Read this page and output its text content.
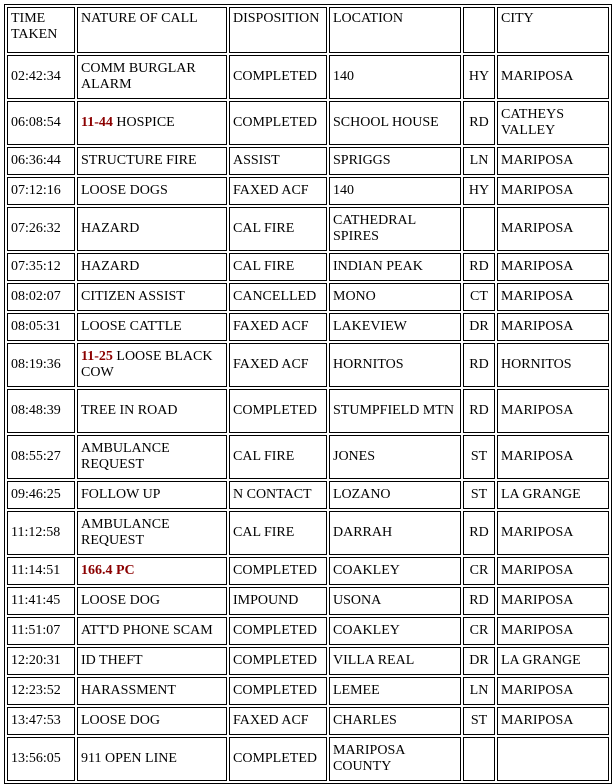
TIME TAKEN	NATURE OF CALL	DISPOSITION	LOCATION		CITY
02:42:34	COMM BURGLAR ALARM	COMPLETED	140	HY	MARIPOSA
06:08:54	11-44 HOSPICE	COMPLETED	SCHOOL HOUSE	RD	CATHEYS VALLEY
06:36:44	STRUCTURE FIRE	ASSIST	SPRIGGS	LN	MARIPOSA
07:12:16	LOOSE DOGS	FAXED ACF	140	HY	MARIPOSA
07:26:32	HAZARD	CAL FIRE	CATHEDRAL SPIRES		MARIPOSA
07:35:12	HAZARD	CAL FIRE	INDIAN PEAK	RD	MARIPOSA
08:02:07	CITIZEN ASSIST	CANCELLED	MONO	CT	MARIPOSA
08:05:31	LOOSE CATTLE	FAXED ACF	LAKEVIEW	DR	MARIPOSA
08:19:36	11-25 LOOSE BLACK COW	FAXED ACF	HORNITOS	RD	HORNITOS
08:48:39	TREE IN ROAD	COMPLETED	STUMPFIELD MTN	RD	MARIPOSA
08:55:27	AMBULANCE REQUEST	CAL FIRE	JONES	ST	MARIPOSA
09:46:25	FOLLOW UP	N CONTACT	LOZANO	ST	LA GRANGE
11:12:58	AMBULANCE REQUEST	CAL FIRE	DARRAH	RD	MARIPOSA
11:14:51	166.4 PC	COMPLETED	COAKLEY	CR	MARIPOSA
11:41:45	LOOSE DOG	IMPOUND	USONA	RD	MARIPOSA
11:51:07	ATT'D PHONE SCAM	COMPLETED	COAKLEY	CR	MARIPOSA
12:20:31	ID THEFT	COMPLETED	VILLA REAL	DR	LA GRANGE
12:23:52	HARASSMENT	COMPLETED	LEMEE	LN	MARIPOSA
13:47:53	LOOSE DOG	FAXED ACF	CHARLES	ST	MARIPOSA
13:56:05	911 OPEN LINE	COMPLETED	MARIPOSA COUNTY		
